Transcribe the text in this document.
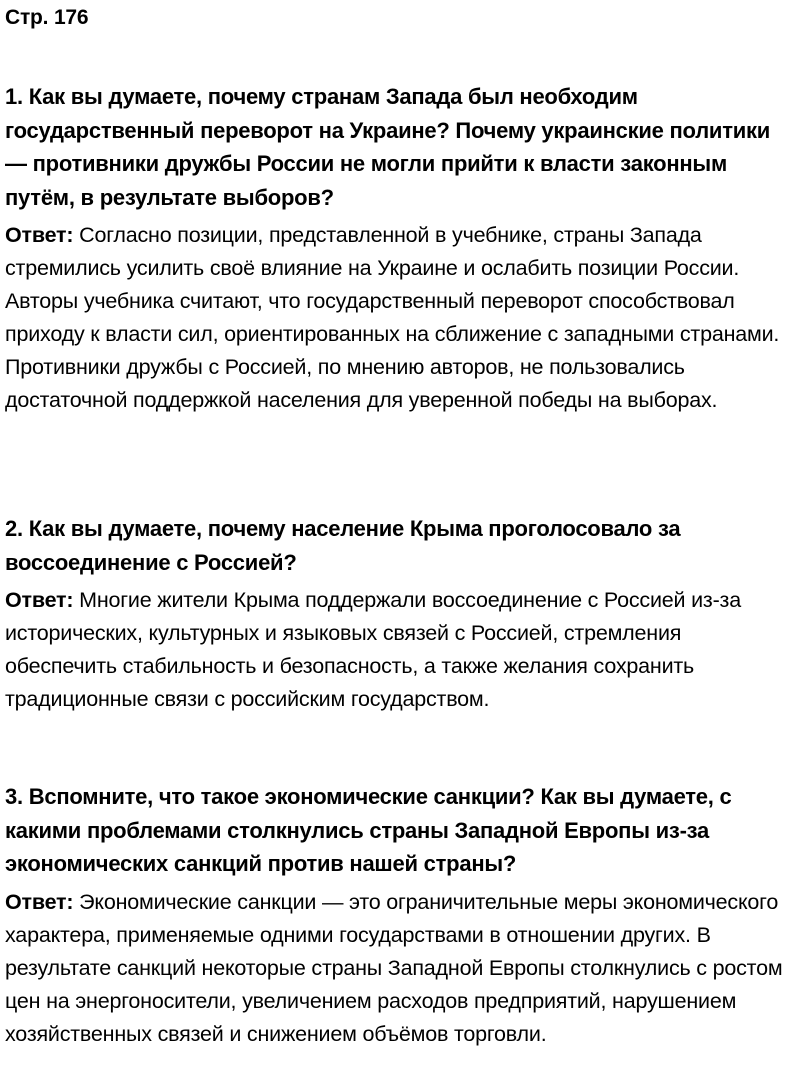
Стр. 176

1. Как вы думаете, почему странам Запада был необходим государственный переворот на Украине? Почему украинские политики — противники дружбы России не могли прийти к власти законным путём, в результате выборов?

Ответ: Согласно позиции, представленной в учебнике, страны Запада стремились усилить своё влияние на Украине и ослабить позиции России. Авторы учебника считают, что государственный переворот способствовал приходу к власти сил, ориентированных на сближение с западными странами. Противники дружбы с Россией, по мнению авторов, не пользовались достаточной поддержкой населения для уверенной победы на выборах.

2. Как вы думаете, почему население Крыма проголосовало за воссоединение с Россией?

Ответ: Многие жители Крыма поддержали воссоединение с Россией из-за исторических, культурных и языковых связей с Россией, стремления обеспечить стабильность и безопасность, а также желания сохранить традиционные связи с российским государством.

3. Вспомните, что такое экономические санкции? Как вы думаете, с какими проблемами столкнулись страны Западной Европы из-за экономических санкций против нашей страны?

Ответ: Экономические санкции — это ограничительные меры экономического характера, применяемые одними государствами в отношении других. В результате санкций некоторые страны Западной Европы столкнулись с ростом цен на энергоносители, увеличением расходов предприятий, нарушением хозяйственных связей и снижением объёмов торговли.
